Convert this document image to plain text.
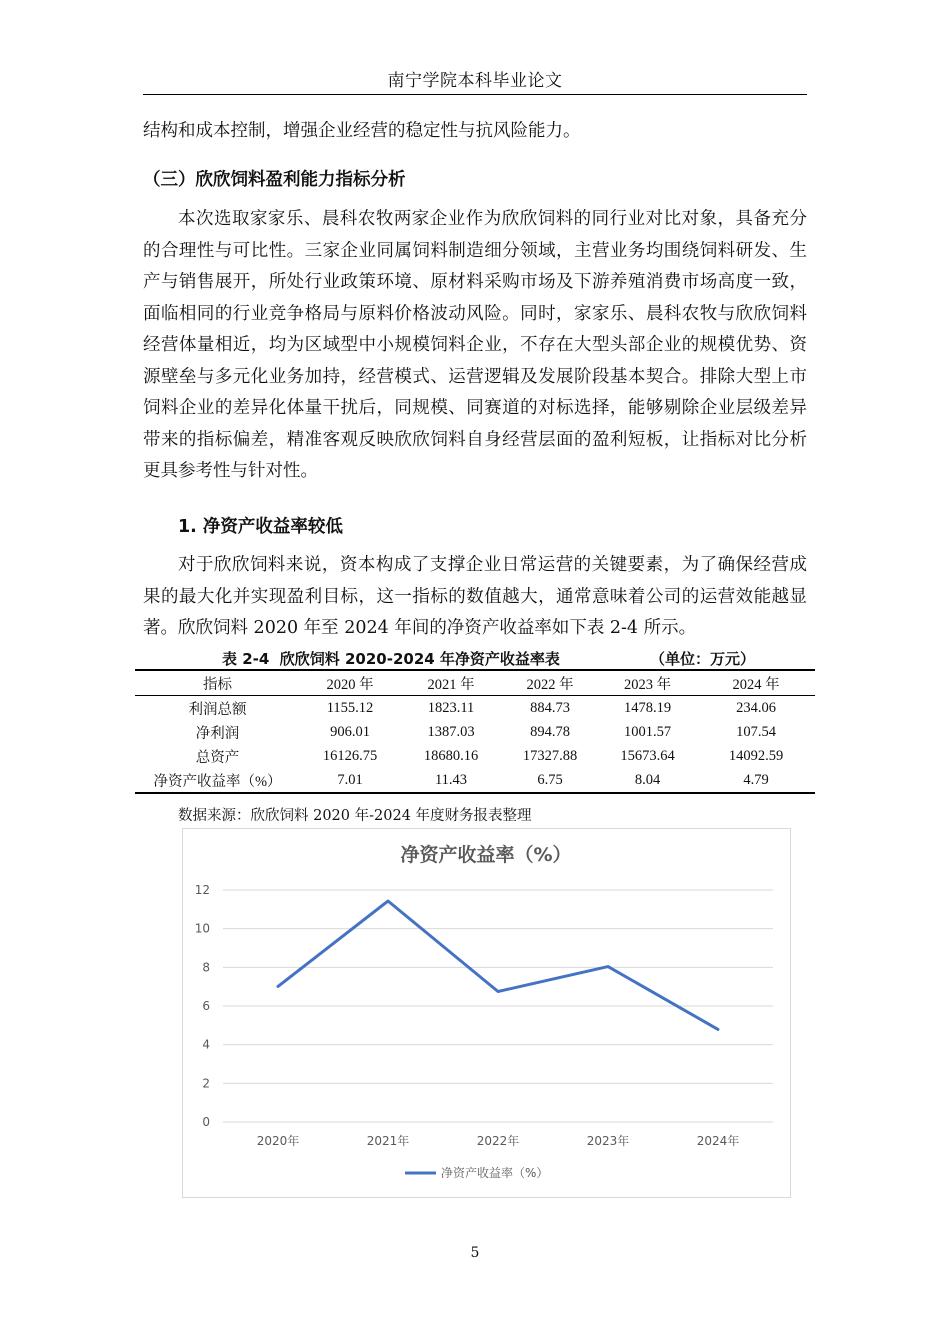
南宁学院本科毕业论文
结构和成本控制，增强企业经营的稳定性与抗风险能力。
（三）欣欣饲料盈利能力指标分析
本次选取家家乐、晨科农牧两家企业作为欣欣饲料的同行业对比对象，具备充分的合理性与可比性。三家企业同属饲料制造细分领域，主营业务均围绕饲料研发、生产与销售展开，所处行业政策环境、原材料采购市场及下游养殖消费市场高度一致，面临相同的行业竞争格局与原料价格波动风险。同时，家家乐、晨科农牧与欣欣饲料经营体量相近，均为区域型中小规模饲料企业，不存在大型头部企业的规模优势、资源壁垒与多元化业务加持，经营模式、运营逻辑及发展阶段基本契合。排除大型上市饲料企业的差异化体量干扰后，同规模、同赛道的对标选择，能够剔除企业层级差异带来的指标偏差，精准客观反映欣欣饲料自身经营层面的盈利短板，让指标对比分析更具参考性与针对性。
1. 净资产收益率较低
对于欣欣饲料来说，资本构成了支撑企业日常运营的关键要素，为了确保经营成果的最大化并实现盈利目标，这一指标的数值越大，通常意味着公司的运营效能越显著。欣欣饲料 2020 年至 2024 年间的净资产收益率如下表 2-4 所示。
表 2-4  欣欣饲料 2020-2024 年净资产收益率表	（单位：万元）
指标	2020 年	2021 年	2022 年	2023 年	2024 年
利润总额	1155.12	1823.11	884.73	1478.19	234.06
净利润	906.01	1387.03	894.78	1001.57	107.54
总资产	16126.75	18680.16	17327.88	15673.64	14092.59
净资产收益率（%）	7.01	11.43	6.75	8.04	4.79
数据来源：欣欣饲料 2020 年-2024 年度财务报表整理
净资产收益率（%）
0
2
4
6
8
10
12
2020年	2021年	2022年	2023年	2024年
净资产收益率（%）
5
